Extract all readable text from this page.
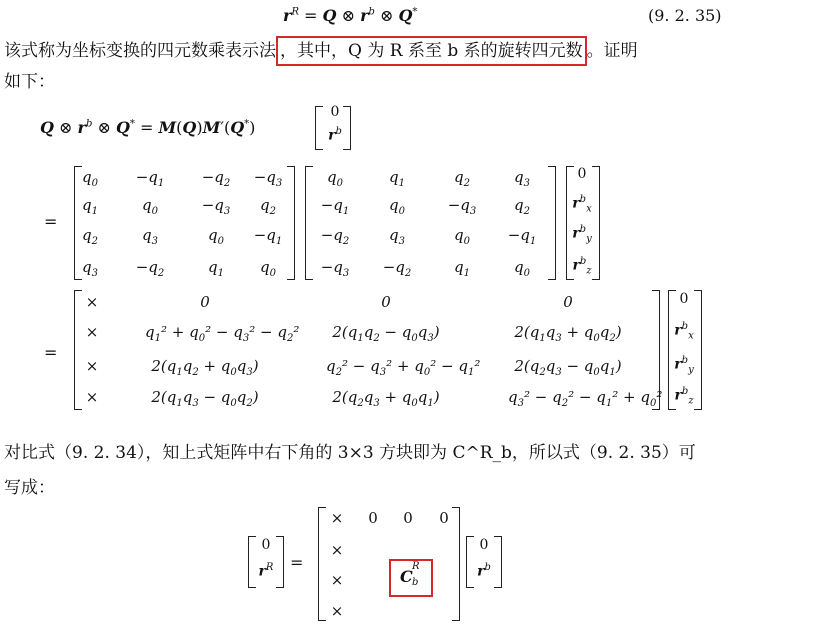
$r^R = Q$ ⊗ $r^b$ ⊗ Q*	(9. 2. 35)
该式称为坐标变换的四元数乘表示法 ，其中，Q 为 R 系至 b 系的旋转四元数 。证明
如下：
Q ⊗ $r^b$ ⊗ Q* = M(Q)M′(Q*)
0
$r^b$
=
=
对比式（9. 2. 34），知上式矩阵中右下角的 3×3 方块即为 C^R_b，所以式（9. 2. 35）可
写成：
0
$r^R$	=
C
R
b
0
$r^b$
$q_0$	$-q_1$	$-q_2$	$-q_3$
$q_1$	$q_0$	$-q_3$	$q_2$
$q_2$	$q_3$	$q_0$	$-q_1$
$q_3$	$-q_2$	$q_1$	$q_0$
$q_0$	$q_1$	$q_2$	$q_3$
$-q_1$	$q_0$	$-q_3$	$q_2$
$-q_2$	$q_3$	$q_0$	$-q_1$
$-q_3$	$-q_2$	$q_1$	$q_0$
0
$r^b_x$
$r^b_y$
$r^b_z$
×	0	0	0
×	$q_1^2 + q_0^2 - q_3^2 - q_2^2$	$2(q_1q_2 - q_0q_3)$	$2(q_1q_3 + q_0q_2)$
×	$2(q_1q_2 + q_0q_3)$	$q_2^2 - q_3^2 + q_0^2 - q_1^2$	$2(q_2q_3 - q_0q_1)$
×	$2(q_1q_3 - q_0q_2)$	$2(q_2q_3 + q_0q_1)$	$q_3^2 - q_2^2 - q_1^2 + q_0^2$
0
$r^b_x$
$r^b_y$
$r^b_z$
×	0	0	0
×
×
×
